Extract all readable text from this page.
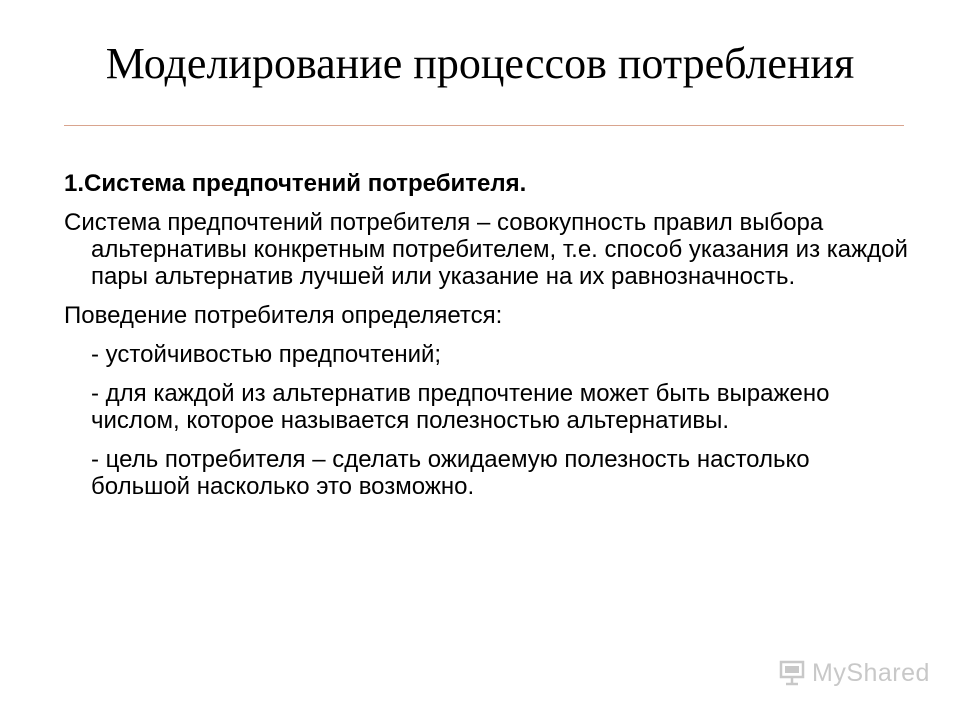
Моделирование процессов потребления

1.Система предпочтений потребителя.

Система предпочтений потребителя – совокупность правил выбора альтернативы конкретным потребителем, т.е. способ указания из каждой пары альтернатив лучшей или указание на их равнозначность.

Поведение потребителя определяется:

- устойчивостью предпочтений;

- для каждой из альтернатив предпочтение может быть выражено числом, которое называется полезностью альтернативы.

- цель потребителя – сделать ожидаемую полезность настолько большой насколько это возможно.

MyShared
